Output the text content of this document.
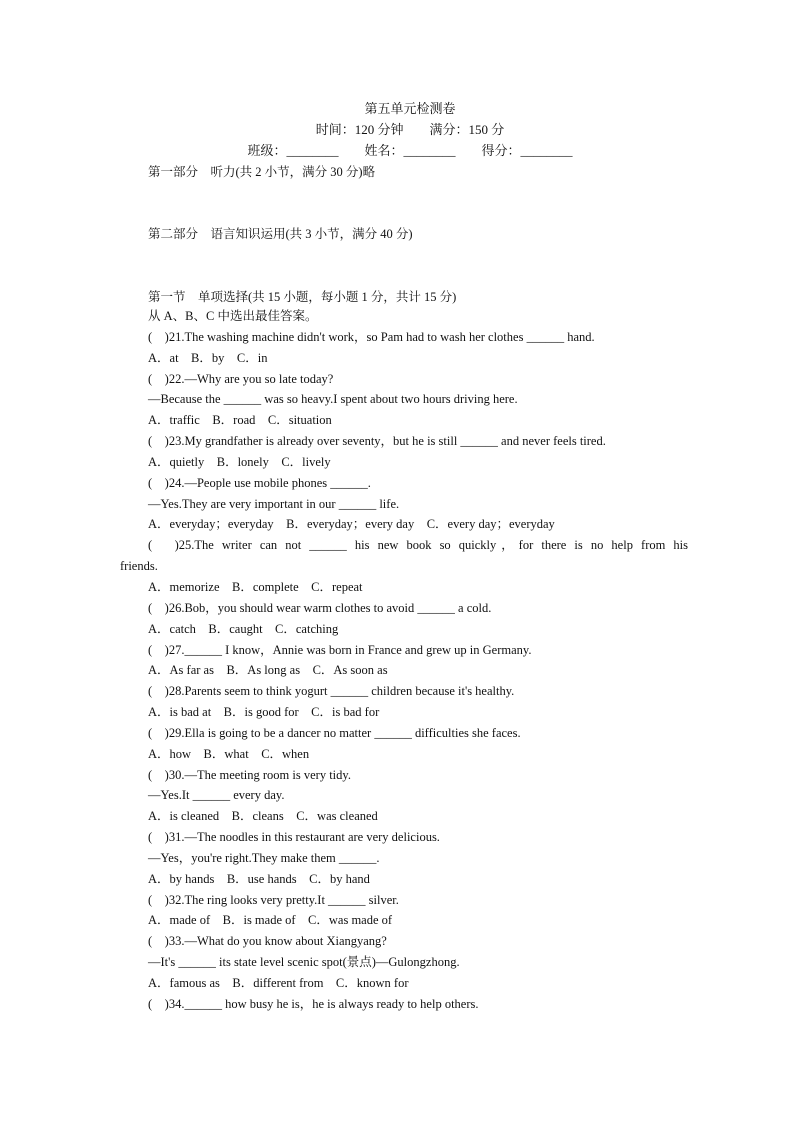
第五单元检测卷
时间：120 分钟　　满分：150 分
班级：________　　姓名：________　　得分：________
第一部分　听力(共 2 小节，满分 30 分)略
第二部分　语言知识运用(共 3 小节，满分 40 分)
第一节　单项选择(共 15 小题，每小题 1 分，共计 15 分)
从 A、B、C 中选出最佳答案。
(　)21.The washing machine didn't work，so Pam had to wash her clothes ______ hand.
A．at　B．by　C．in
(　)22.—Why are you so late today?
—Because the ______ was so heavy.I spent about two hours driving here.
A．traffic　B．road　C．situation
(　)23.My grandfather is already over seventy，but he is still ______ and never feels tired.
A．quietly　B．lonely　C．lively
(　)24.—People use mobile phones ______.
—Yes.They are very important in our ______ life.
A．everyday；everyday　B．everyday；every day　C．every day；everyday
(　)25.The writer can not ______ his new book so quickly，for there is no help from his
friends.
A．memorize　B．complete　C．repeat
(　)26.Bob，you should wear warm clothes to avoid ______ a cold.
A．catch　B．caught　C．catching
(　)27.______ I know，Annie was born in France and grew up in Germany.
A．As far as　B．As long as　C．As soon as
(　)28.Parents seem to think yogurt ______ children because it's healthy.
A．is bad at　B．is good for　C．is bad for
(　)29.Ella is going to be a dancer no matter ______ difficulties she faces.
A．how　B．what　C．when
(　)30.—The meeting room is very tidy.
—Yes.It ______ every day.
A．is cleaned　B．cleans　C．was cleaned
(　)31.—The noodles in this restaurant are very delicious.
—Yes，you're right.They make them ______.
A．by hands　B．use hands　C．by hand
(　)32.The ring looks very pretty.It ______ silver.
A．made of　B．is made of　C．was made of
(　)33.—What do you know about Xiangyang?
—It's ______ its state level scenic spot(景点)—Gulongzhong.
A．famous as　B．different from　C．known for
(　)34.______ how busy he is，he is always ready to help others.
